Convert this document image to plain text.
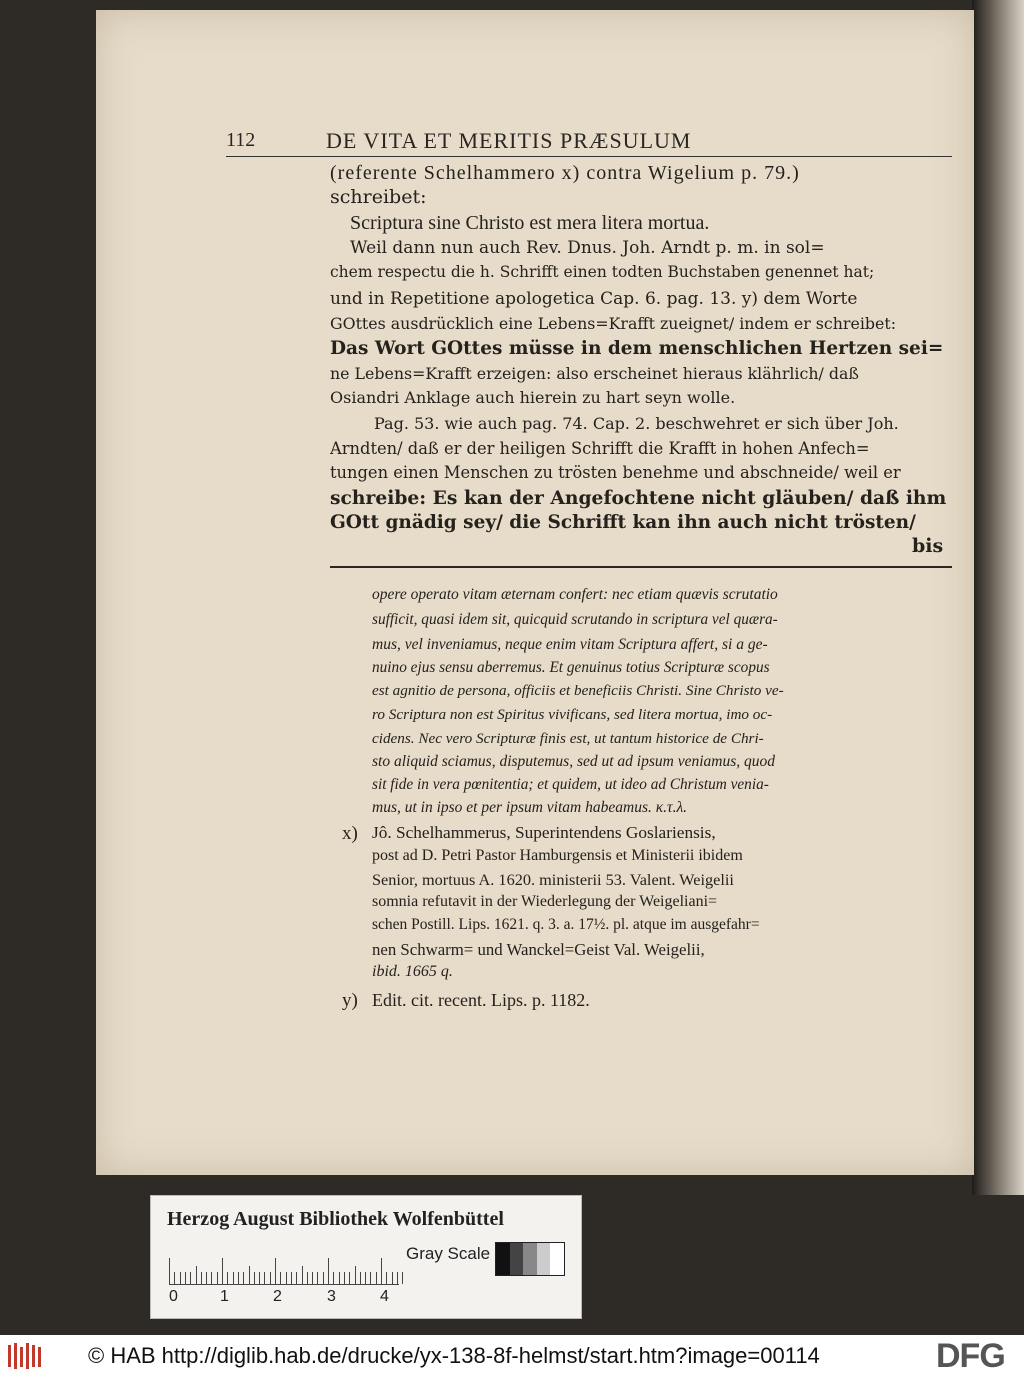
112	DE VITA ET MERITIS PRÆSULUM
(referente Schelhammero x) contra Wigelium p. 79.)
schreibet:
Scriptura sine Christo est mera litera mortua.
Weil dann nun auch Rev. Dnus. Joh. Arndt p. m. in sol=
chem respectu die h. Schrifft einen todten Buchstaben genennet hat;
und in Repetitione apologetica Cap. 6. pag. 13. y) dem Worte
GOttes ausdrücklich eine Lebens=Krafft zueignet/ indem er schreibet:
Das Wort GOttes müsse in dem menschlichen Hertzen sei=
ne Lebens=Krafft erzeigen: also erscheinet hieraus klährlich/ daß
Osiandri Anklage auch hierein zu hart seyn wolle.
Pag. 53. wie auch pag. 74. Cap. 2. beschwehret er sich über Joh.
Arndten/ daß er der heiligen Schrifft die Krafft in hohen Anfech=
tungen einen Menschen zu trösten benehme und abschneide/ weil er
schreibe: Es kan der Angefochtene nicht gläuben/ daß ihm
GOtt gnädig sey/ die Schrifft kan ihn auch nicht trösten/
bis
opere operato vitam æternam confert: nec etiam quævis scrutatio
sufficit, quasi idem sit, quicquid scrutando in scriptura vel quæra-
mus, vel inveniamus, neque enim vitam Scriptura affert, si a ge-
nuino ejus sensu aberremus. Et genuinus totius Scripturæ scopus
est agnitio de persona, officiis et beneficiis Christi. Sine Christo ve-
ro Scriptura non est Spiritus vivificans, sed litera mortua, imo oc-
cidens. Nec vero Scripturæ finis est, ut tantum historice de Chri-
sto aliquid sciamus, disputemus, sed ut ad ipsum veniamus, quod
sit fide in vera pœnitentia; et quidem, ut ideo ad Christum venia-
mus, ut in ipso et per ipsum vitam habeamus. κ.τ.λ.
x) Jô. Schelhammerus, Superintendens Goslariensis,
post ad D. Petri Pastor Hamburgensis et Ministerii ibidem
Senior, mortuus A. 1620. ministerii 53. Valent. Weigelii
somnia refutavit in der Wiederlegung der Weigeliani=
schen Postill. Lips. 1621. q. 3. a. 17½. pl. atque im ausgefahr=
nen Schwarm= und Wanckel=Geist Val. Weigelii,
ibid. 1665 q.
y) Edit. cit. recent. Lips. p. 1182.
Herzog August Bibliothek Wolfenbüttel
0	1	2	3	4
Gray Scale
© HAB http://diglib.hab.de/drucke/yx-138-8f-helmst/start.htm?image=00114	DFG
